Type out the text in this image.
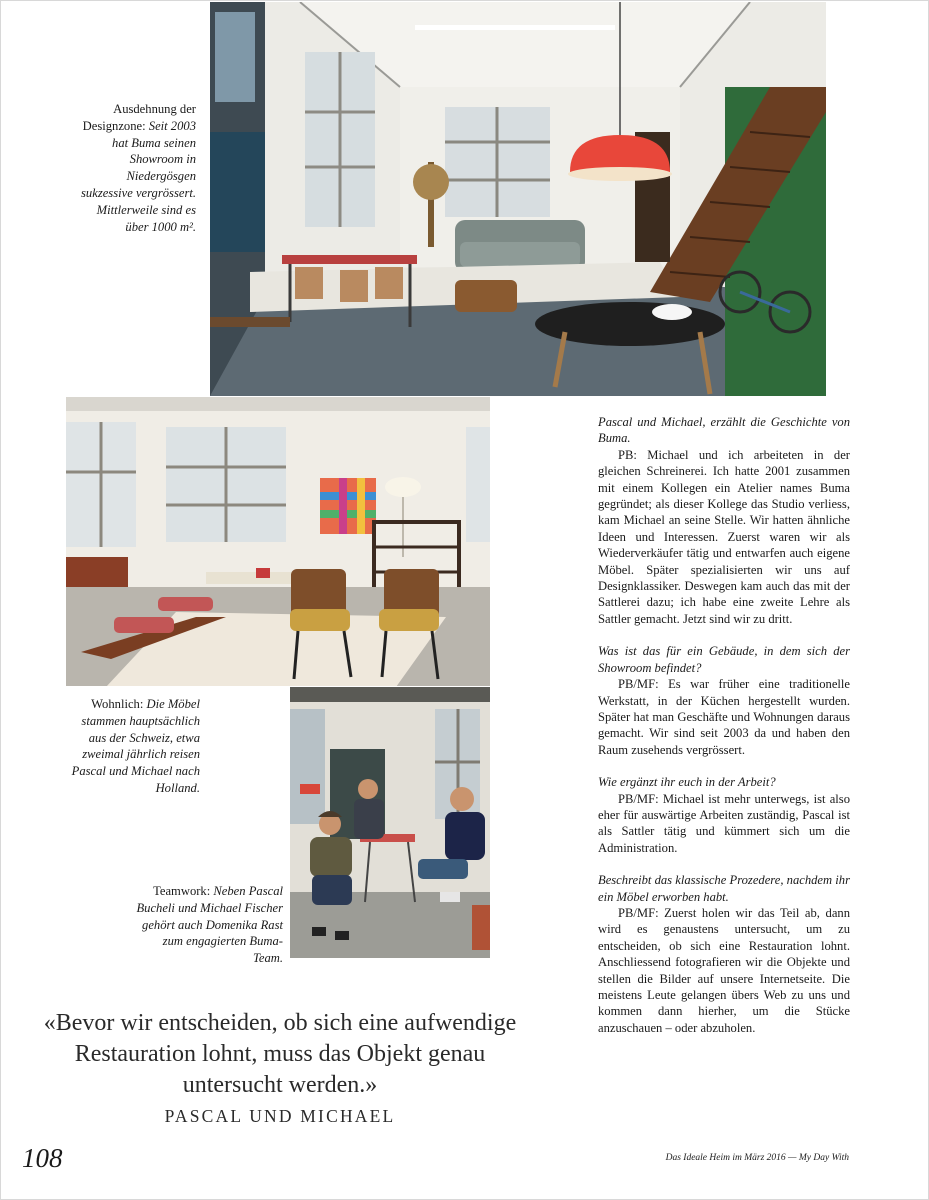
Ausdehnung der Designzone: Seit 2003 hat Buma seinen Showroom in Niedergösgen sukzessive vergrössert. Mittlerweile sind es über 1000 m².
Wohnlich: Die Möbel stammen hauptsächlich aus der Schweiz, etwa zweimal jährlich reisen Pascal und Michael nach Holland.
Teamwork: Neben Pascal Bucheli und Michael Fischer gehört auch Domenika Rast zum engagierten Buma-Team.

Pascal und Michael, erzählt die Geschichte von Buma.

PB: Michael und ich arbeiteten in der gleichen Schreinerei. Ich hatte 2001 zusammen mit einem Kollegen ein Atelier names Buma gegründet; als dieser Kollege das Studio verliess, kam Michael an seine Stelle. Wir hatten ähnliche Ideen und Interessen. Zuerst waren wir als Wiederverkäufer tätig und entwarfen auch eigene Möbel. Später spezialisierten wir uns auf Designklassiker. Deswegen kam auch das mit der Sattlerei dazu; ich habe eine zweite Lehre als Sattler gemacht. Jetzt sind wir zu dritt.

Was ist das für ein Gebäude, in dem sich der Showroom befindet?

PB/MF: Es war früher eine traditionelle Werkstatt, in der Küchen hergestellt wurden. Später hat man Geschäfte und Wohnungen daraus gemacht. Wir sind seit 2003 da und haben den Raum zusehends vergrössert.

Wie ergänzt ihr euch in der Arbeit?

PB/MF: Michael ist mehr unterwegs, ist also eher für auswärtige Arbeiten zuständig, Pascal ist als Sattler tätig und kümmert sich um die Administration.

Beschreibt das klassische Prozedere, nachdem ihr ein Möbel erworben habt.

PB/MF: Zuerst holen wir das Teil ab, dann wird es genaustens untersucht, um zu entscheiden, ob sich eine Restauration lohnt. Anschliessend fotografieren wir die Objekte und stellen die Bilder auf unsere Internetseite. Die meistens Leute gelangen übers Web zu uns und kommen dann hierher, um die Stücke anzuschauen – oder abzuholen.

«Bevor wir entscheiden, ob sich eine aufwendige Restauration lohnt, muss das Objekt genau untersucht werden.»
PASCAL UND MICHAEL
108	Das Ideale Heim im März 2016 — My Day With
